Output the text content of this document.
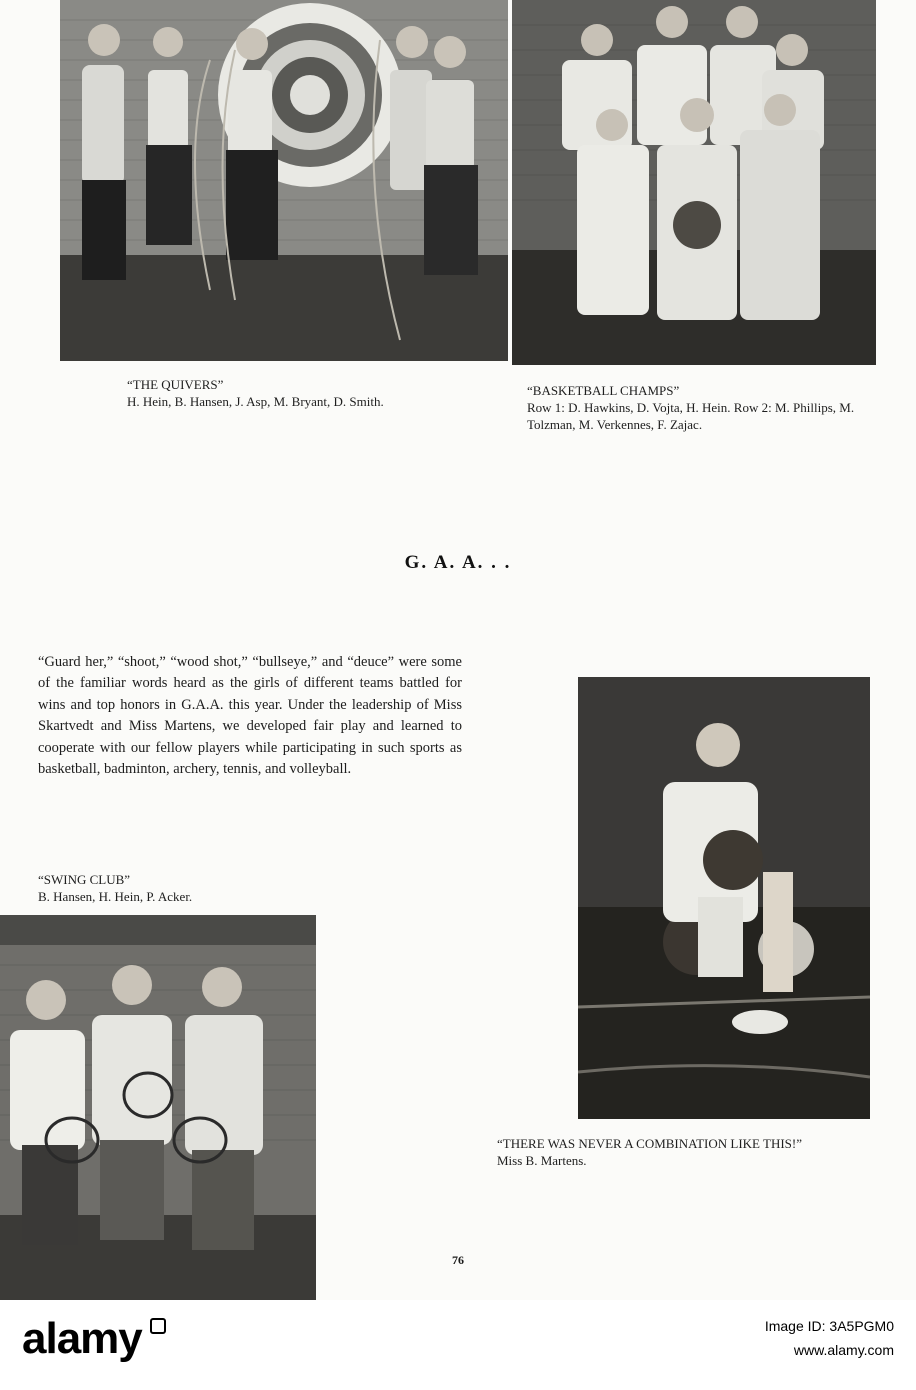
“THE QUIVERS”
H. Hein, B. Hansen, J. Asp, M. Bryant, D. Smith.
“BASKETBALL CHAMPS”
Row 1: D. Hawkins, D. Vojta, H. Hein. Row 2: M. Phillips, M. Tolzman, M. Verkennes, F. Zajac.
G. A. A. . .
“Guard her,” “shoot,” “wood shot,” “bullseye,” and “deuce” were some of the familiar words heard as the girls of different teams battled for wins and top honors in G.A.A. this year. Under the leadership of Miss Skartvedt and Miss Martens, we developed fair play and learned to cooperate with our fellow players while participating in such sports as basketball, badminton, archery, tennis, and volleyball.
“SWING CLUB”
B. Hansen, H. Hein, P. Acker.
“THERE WAS NEVER A COMBINATION LIKE THIS!”
Miss B. Martens.
76
alamy	Image ID: 3A5PGM0
www.alamy.com
